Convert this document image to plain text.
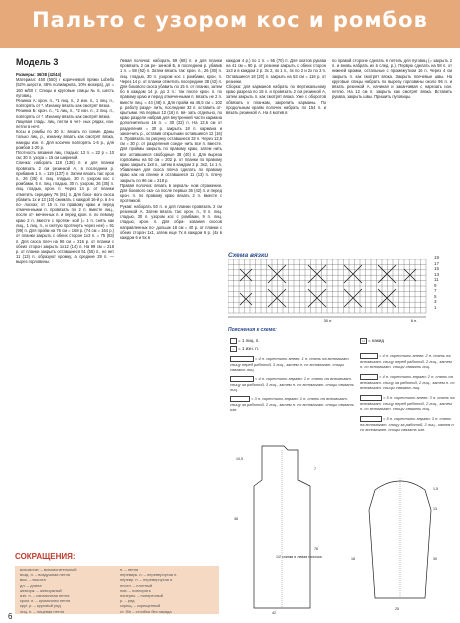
Пальто с узором кос и ромбов
Модель 3

Размеры: 36/38 (42/44)

Материал: 450 (550) г коричневой пряжи Lobella (52% шерсти, 48% полиакрила, 10% мохера), дл = 160 м/50 г; Спицы и круговые спицы № 6, шесть пуговиц.

Резинка А: крон. п., *1 лиц. п., 2 изн. п., 1 лиц. п., повторять от *. Изнанку вязать как смотрят вязка.

Резинка Б: крон. п., *1 лиц. п., *2 изн. п., 2 лиц. п., повторять от *. Изнанку вязать как смотрят вязка.

Лицевая гладь: лиц. петли в чет- ных рядах, изн. петли в нечт.

Косы и ромбы по 30 п.: вязать по схеме. Даны только лиц. р., изнанку вязать как смотрят вязка, накиды изн. п. Для косичек повторять 1-6 р., для ромбов 1-20 р.

Плотность вязания лиц. гладью: 13 п. = 22 р = 10 см; 30 п. узора = 15 см шириной.

Спинка: наборать 118 (136) п. и для планки провязать 2 см резинкой А, в последнем р. прибавив 1 п. = 119 (137) п. Затем вязать так: крон п., 26 (35) п. лиц. гладью, 30 п. узором кос с ромбами, 5 п. лиц. гладью, 30 п. узором, 26 (35) п. лиц. гладью, крон. п. Через 14 р. от планки отметить середину 76 (81) п. Для боко- вого скоса убавить 1х и 13 (10) сжимать с каждой 16-й р. в 4-х по- лосках; от 15 п. по правому краю и перед отмеченными п. провязать по 2 п. вместе лиц., после от- меченных п. и перед крон. п. по левому краю 2 п. вместе с протяж- кой (= 1 п. снять как лиц., 1 лиц. п., и снятую протянуть через нее) = 91 (99) п. Для пройм на 76 см = 168 р. (74 см = 164 р.) от планки закрыть с обеих сторон 1х3 п. = 75 (83) п. Для скоса плеч на 96 см = 216 р. от планки с обеих сторон закрыть 1х12 (14) п. На 99 см = 218 р. от планки закрыть оставшиеся 51 (55) п., но нет 11 (13) п. образуют кромку, а средние 29 п. — вырез горловины.

Левая полочка: наборать 59 (68) п. и для планки провязать 2 см ре- зинкой Б, в последнем р. убавив 1 п. = 58 (62) п. Затем вязать так: крон. п., 26 (30) п. лиц. гладью, 30 п. узором кос с ромбами, крон. п. Через 14 р. от планки отметить посередине 38 (42) п. Для бокового скоса убавить по 15 п. от планки, затем бо в каждом 14 р. до 2 п.: так после крон. п. по правому краю и перед отмеченными п. вязать не 2 п. вместе лиц. = 44 (48) п. Для пройм на 46,5 см = 102 р. работу разде- лить, последние 32 п. оставить от- крытыми. На первых 12 (16) п. вя- зать отдельно, по краю разделе набрав для внутренней части кармана дополнительно 16 п. = 30 (32) п. На 13,5 см от разделения = 30 р. закрыть 18 п. кармана и закончить р., оставив открытыми оставшиеся 12 (16) п. Провязать по рисунку оставшиеся 32 п. Через 13,5 см = 30 р. от разделения соеди- нить все п. вместе. Для проймы закрыть по правому краю, затем нить все оставшиеся свободные 38 (40) п. Для выреза горловины на 92 см = 202 р. от планки по правому краю закрыть 1х8 п., затем в каждом 2 р. 3х2, 1х 1 п. Убавления для скоса плеча сделать по правому краю как на спинке и оставшиеся 11 (13) п. плечу закрыть по 96 см = 218 р.

Правая полочка: вязать в зеркаль- ном отражении. Для бокового ска- са после первых 36 (42) п. и перед крон. п. по правому краю вязать 2 п. вместе с протяжкой.

Рукав: наборать 50 п. и для планки провязать 2 см резинкой А. Затем вязать так: крон. п., 9 п. лиц. гладью, 30 п. узором кос с ромбами, 9 п. лиц. гладью, крон. п. Для обра- зования скосов направленных по- дольше 18 см = 40 р. от планки с обеих сторон 1х1, затем еще 7х в каждом 6 р. (4х в каждом 6 и 5х в

каждом 4 р.) по 1 п. = 66 (70) п. Для окатов рукава на 41 см = 90 р. от резинки закрыть с обеих сторон 1х3 и в каждом 2 р. 3х 2, 4х 1 п., 4х по 2 и 2х по 3 п. Оставшиеся 18 (20) п. закрыть на 53 см = 116 р. от резинки.

Сборка: для карманов набрать по вертикальному краю разреза по 18 п. и провязать 2 см резинкой А, затем закрыть п. как смотрят вязка. Уже с оборотов обвязать к планкам, закрепить карманы. По продольным краям полочек набрать по 154 п. и вязать резинкой А. На 4 мотив в

по правой стороне сделать 6 петель для пуговиц (= закрыть 2 п. и вновь набрать их в след. р.). Первую сделать на 58 п. от нижней кромки, остальные с промежутком 16 п. Через 4 см закрыть п. как смотрят вязка. Закрыть плечевые швы. На круговые спицы набрать по вырезу горловины около 96 п. и вязать резинкой А, начиная и заканчивая с нарезать изн. петлю. На 12 см п. закрыть как смотрят вязка. Вставить рукава, закрыть швы. Пришить пуговицы.

Схема вязки
30 п.	6 п.
19
17
15
13
11
9
7
5
3
1
Пояснения к схеме:
= 1 лиц. п.
– = 1 изн. п.
U = накид
= 4 п. скрестить влево: 1 п. снять на вспомогат. спицу перед работой, 3 лиц., затем п. со вспомогат. спицы связать лиц.
= 4 п. скрестить вправо: 1 п. снять на вспомогат. спицу за работой, 3 лиц., затем п. со вспомогат. спицы связать лиц.
= 3 п. скрестить вправо: 1 п. снять на вспомогат. спицу за работой, 2 лиц., затем п. со вспомогат. спицы связать изн.
= 4 п. скрестить влево: 2 п. снять на вспомогат. спицу перед работой, 2 лиц., затем п. со вспомогат. спицы связать лиц.
= 4 п. скрестить вправо: 2 п. снять на вспомогат. спицу за работой, 2 лиц., затем п. со вспомогат. спицы связать лиц.
= 5 п. скрестить влево: 3 п. снять на вспомогат. спицу перед работой, 2 лиц., затем п. со вспомогат. спицы связать лиц.
= 5 п. скрестить вправо: 3 п. снять на вспомогат. спицу за работой, 2 лиц., затем п. со вспомогат. спицы связать изн.
1/2 спинки и левая полочка
38
7
76
42
10,5
1,5
13
30
25
18
СОКРАЩЕНИЯ:
вспомогат. – вспомогательный
возд. п. – воздушная петля
выс. – высота
дл. – длина
жемчуж. – жемчужный
изн. п. – изнаночная петля
кром. п. – кромочная петля
круг. р. – круговой ряд
лиц. п. – лицевая петля
п. – петля
перевирк. п. – перевернутая п.
перевр. п. – перевернутая п.
плотн. – плотный
пов. – повторять
поперек. – поперечный
р. – ряд
скрещ. – скрещенный
ст. б/н – столбик без накида
6
